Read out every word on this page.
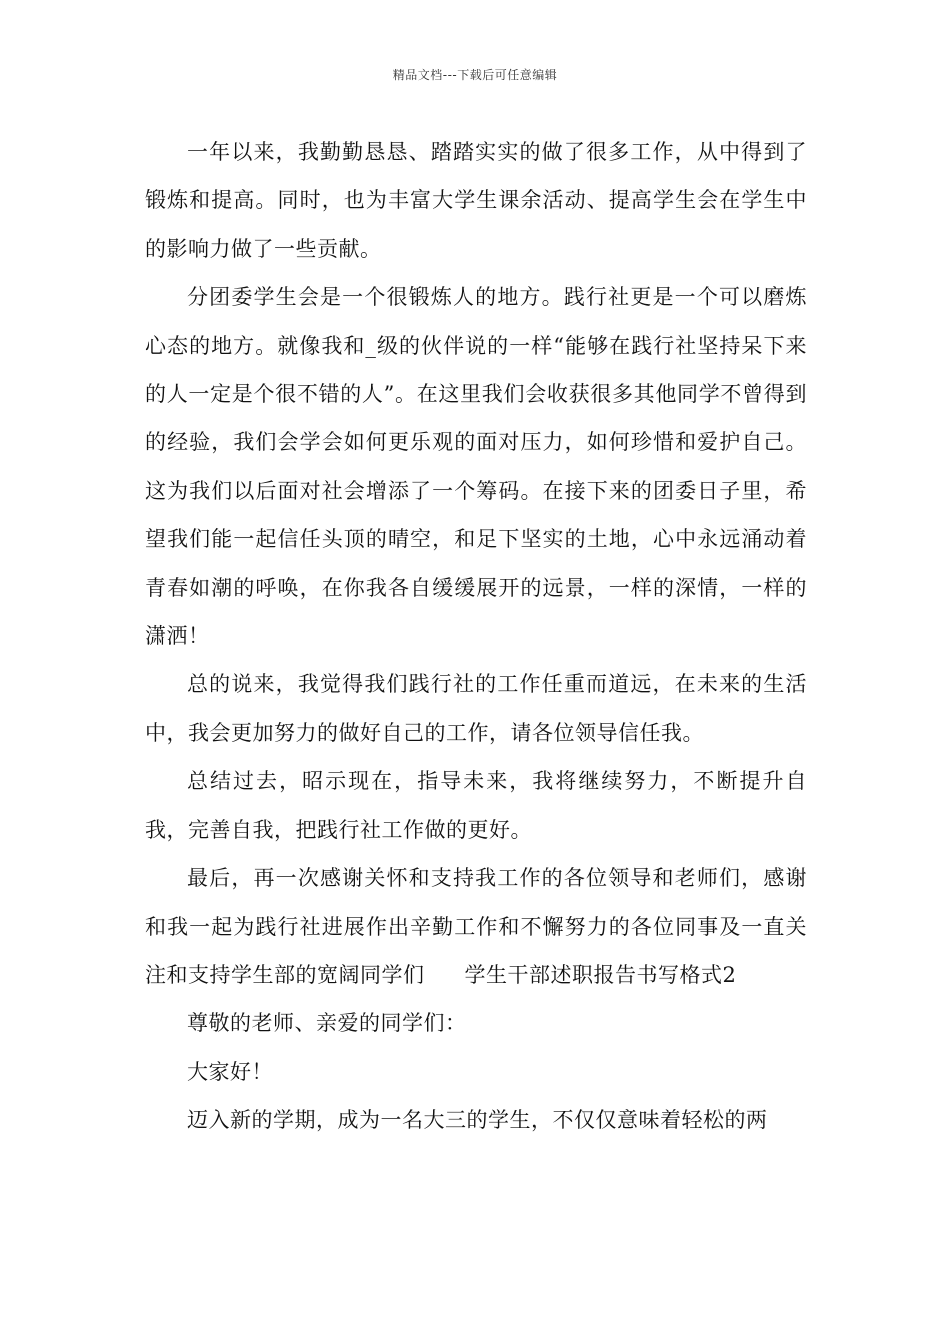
精品文档---下载后可任意编辑

一年以来，我勤勤恳恳、踏踏实实的做了很多工作，从中得到了锻炼和提高。同时，也为丰富大学生课余活动、提高学生会在学生中的影响力做了一些贡献。

分团委学生会是一个很锻炼人的地方。践行社更是一个可以磨炼心态的地方。就像我和_级的伙伴说的一样“能够在践行社坚持呆下来的人一定是个很不错的人”。在这里我们会收获很多其他同学不曾得到的经验，我们会学会如何更乐观的面对压力，如何珍惜和爱护自己。这为我们以后面对社会增添了一个筹码。在接下来的团委日子里，希望我们能一起信任头顶的晴空，和足下坚实的土地，心中永远涌动着青春如潮的呼唤，在你我各自缓缓展开的远景，一样的深情，一样的潇洒！

总的说来，我觉得我们践行社的工作任重而道远，在未来的生活中，我会更加努力的做好自己的工作，请各位领导信任我。

总结过去，昭示现在，指导未来，我将继续努力，不断提升自我，完善自我，把践行社工作做的更好。

最后，再一次感谢关怀和支持我工作的各位领导和老师们，感谢和我一起为践行社进展作出辛勤工作和不懈努力的各位同事及一直关注和支持学生部的宽阔同学们 学生干部述职报告书写格式2

尊敬的老师、亲爱的同学们：

大家好！

迈入新的学期，成为一名大三的学生，不仅仅意味着轻松的两
